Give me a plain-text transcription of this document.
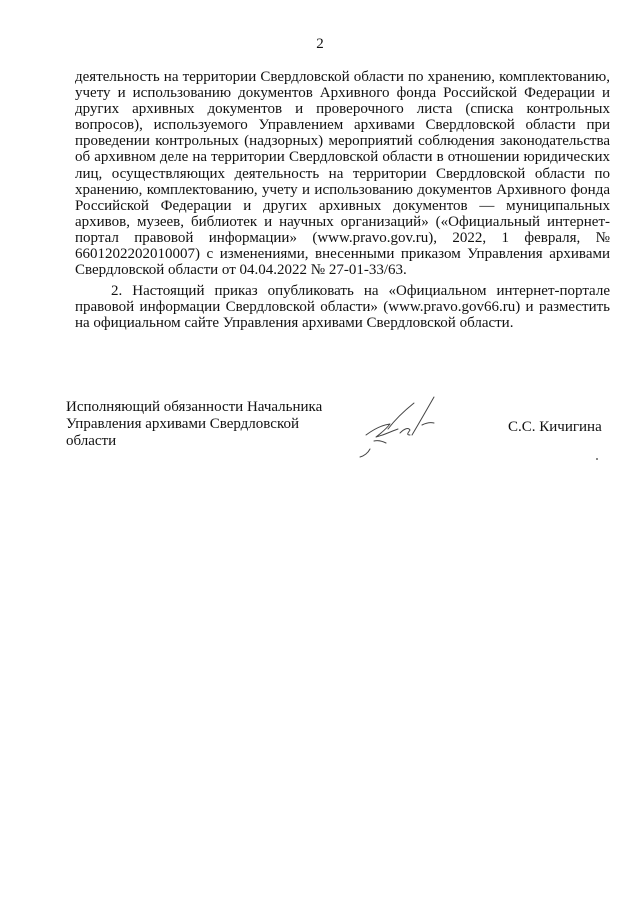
2

деятельность на территории Свердловской области по хранению, комплектованию, учету и использованию документов Архивного фонда Российской Федерации и других архивных документов и проверочного листа (списка контрольных вопросов), используемого Управлением архивами Свердловской области при проведении контрольных (надзорных) мероприятий соблюдения законодательства об архивном деле на территории Свердловской области в отношении юридических лиц, осуществляющих деятельность на территории Свердловской области по хранению, комплектованию, учету и использованию документов Архивного фонда Российской Федерации и других архивных документов — муниципальных архивов, музеев, библиотек и научных организаций» («Официальный интернет-портал правовой информации» (www.pravo.gov.ru), 2022, 1 февраля, № 6601202202010007) с изменениями, внесенными приказом Управления архивами Свердловской области от 04.04.2022 № 27-01-33/63.

2. Настоящий приказ опубликовать на «Официальном интернет-портале правовой информации Свердловской области» (www.pravo.gov66.ru) и разместить на официальном сайте Управления архивами Свердловской области.

Исполняющий обязанности Начальника Управления архивами Свердловской области

С.С. Кичигина
